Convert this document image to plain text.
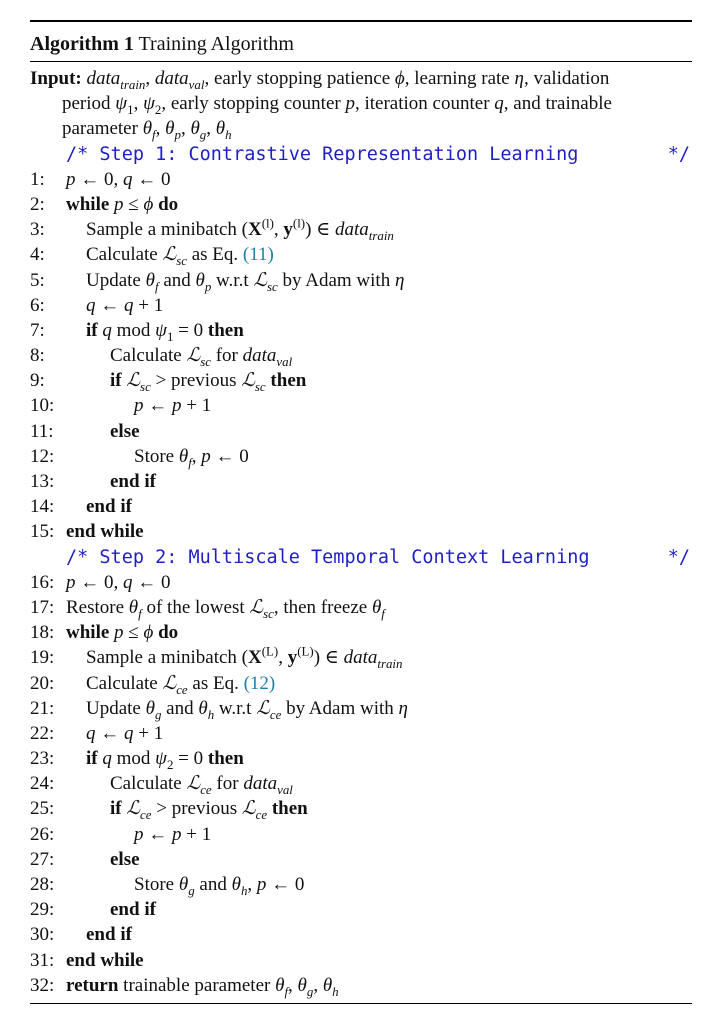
Algorithm 1 Training Algorithm
Input: data$_{train}$, data$_{val}$, early stopping patience ϕ, learning rate η, validation
period $\psi_1$, $\psi_2$, early stopping counter p, iteration counter q, and trainable
parameter $\theta_f$, $\theta_p$, $\theta_g$, $\theta_h$
/* Step 1: Contrastive Representation Learning	*/
1: p ← 0, q ← 0
2: while p ≤ ϕ do
3: Sample a minibatch ($X^{(l)}$, $y^{(l)}$) ∈ data$_{train}$
4: Calculate ℒ$_{sc}$ as Eq. (11)
5: Update $\theta_f$ and $\theta_p$ w.r.t ℒ$_{sc}$ by Adam with η
6: q ← q + 1
7: if q mod $\psi_1 = 0$ then
8:	Calculate ℒ$_{sc}$ for data$_{val}$
9:	if ℒ$_{sc}$ > previous ℒ$_{sc}$ then
10:	p ← p + 1
11:	else
12:	Store $\theta_f$, p ← 0
13:	end if
14: end if
15: end while
/* Step 2: Multiscale Temporal Context Learning	*/
16: p ← 0, q ← 0
17: Restore $\theta_f$ of the lowest ℒ$_{sc}$, then freeze $\theta_f$
18: while p ≤ ϕ do
19: Sample a minibatch ($X^{(L)}$, $y^{(L)}$) ∈ data$_{train}$
20: Calculate ℒ$_{ce}$ as Eq. (12)
21: Update $\theta_g$ and $\theta_h$ w.r.t ℒ$_{ce}$ by Adam with η
22: q ← q + 1
23: if q mod $\psi_2 = 0$ then
24:	Calculate ℒ$_{ce}$ for data$_{val}$
25:	if ℒ$_{ce}$ > previous ℒ$_{ce}$ then
26:	p ← p + 1
27:	else
28:	Store $\theta_g$ and $\theta_h$, p ← 0
29:	end if
30: end if
31: end while
32: return trainable parameter $\theta_f$, $\theta_g$, $\theta_h$
